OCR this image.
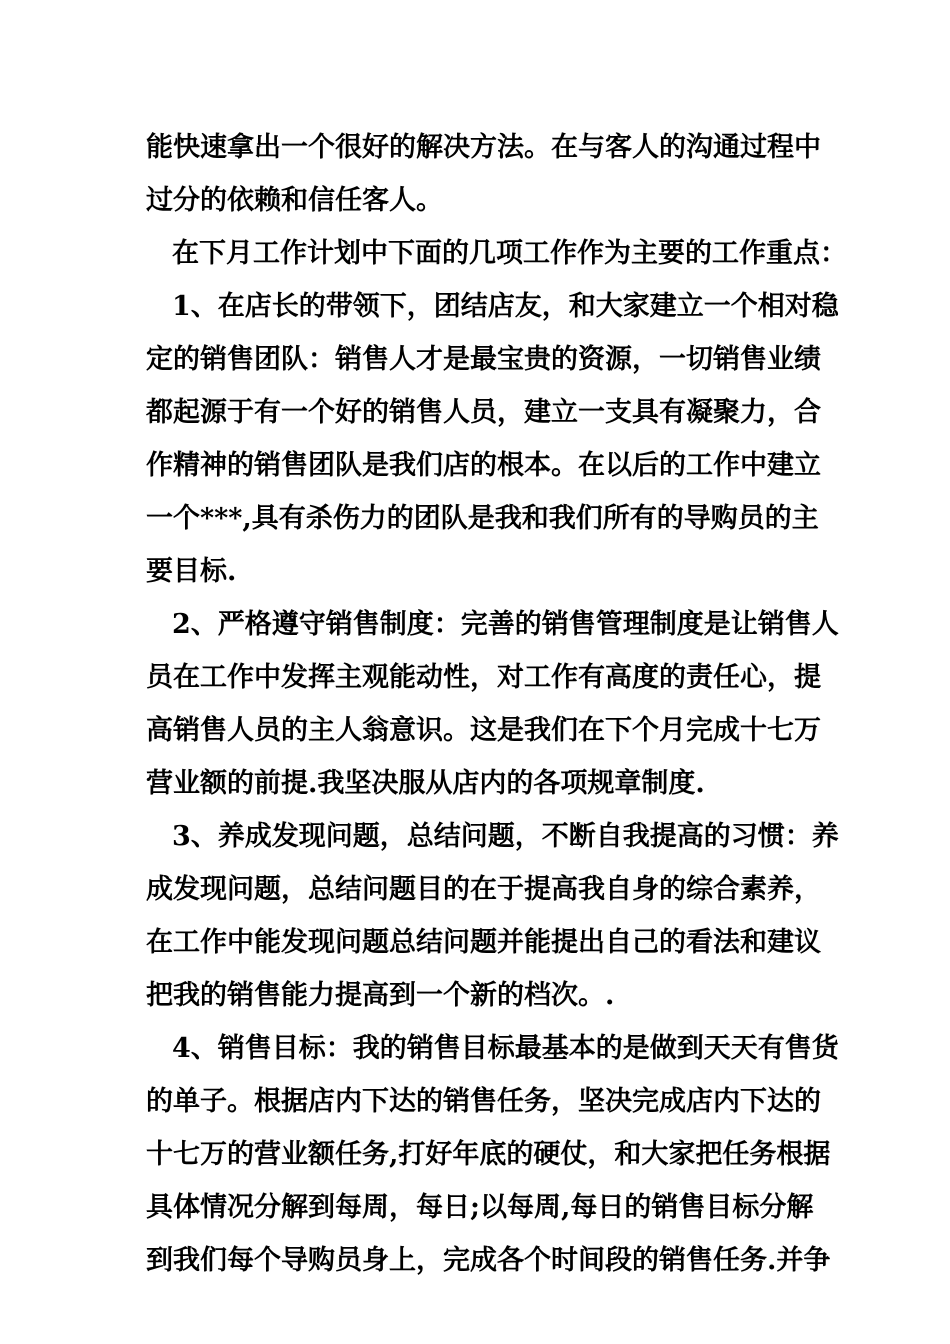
能快速拿出一个很好的解决方法。在与客人的沟通过程中
过分的依赖和信任客人。
在下月工作计划中下面的几项工作作为主要的工作重点：
1、在店长的带领下，团结店友，和大家建立一个相对稳
定的销售团队：销售人才是最宝贵的资源，一切销售业绩
都起源于有一个好的销售人员，建立一支具有凝聚力，合
作精神的销售团队是我们店的根本。在以后的工作中建立
一个***,具有杀伤力的团队是我和我们所有的导购员的主
要目标.
2、严格遵守销售制度：完善的销售管理制度是让销售人
员在工作中发挥主观能动性，对工作有高度的责任心，提
高销售人员的主人翁意识。这是我们在下个月完成十七万
营业额的前提.我坚决服从店内的各项规章制度.
3、养成发现问题，总结问题，不断自我提高的习惯：养
成发现问题，总结问题目的在于提高我自身的综合素养，
在工作中能发现问题总结问题并能提出自己的看法和建议
把我的销售能力提高到一个新的档次。.
4、销售目标：我的销售目标最基本的是做到天天有售货
的单子。根据店内下达的销售任务，坚决完成店内下达的
十七万的营业额任务,打好年底的硬仗，和大家把任务根据
具体情况分解到每周，每日;以每周,每日的销售目标分解
到我们每个导购员身上，完成各个时间段的销售任务.并争
